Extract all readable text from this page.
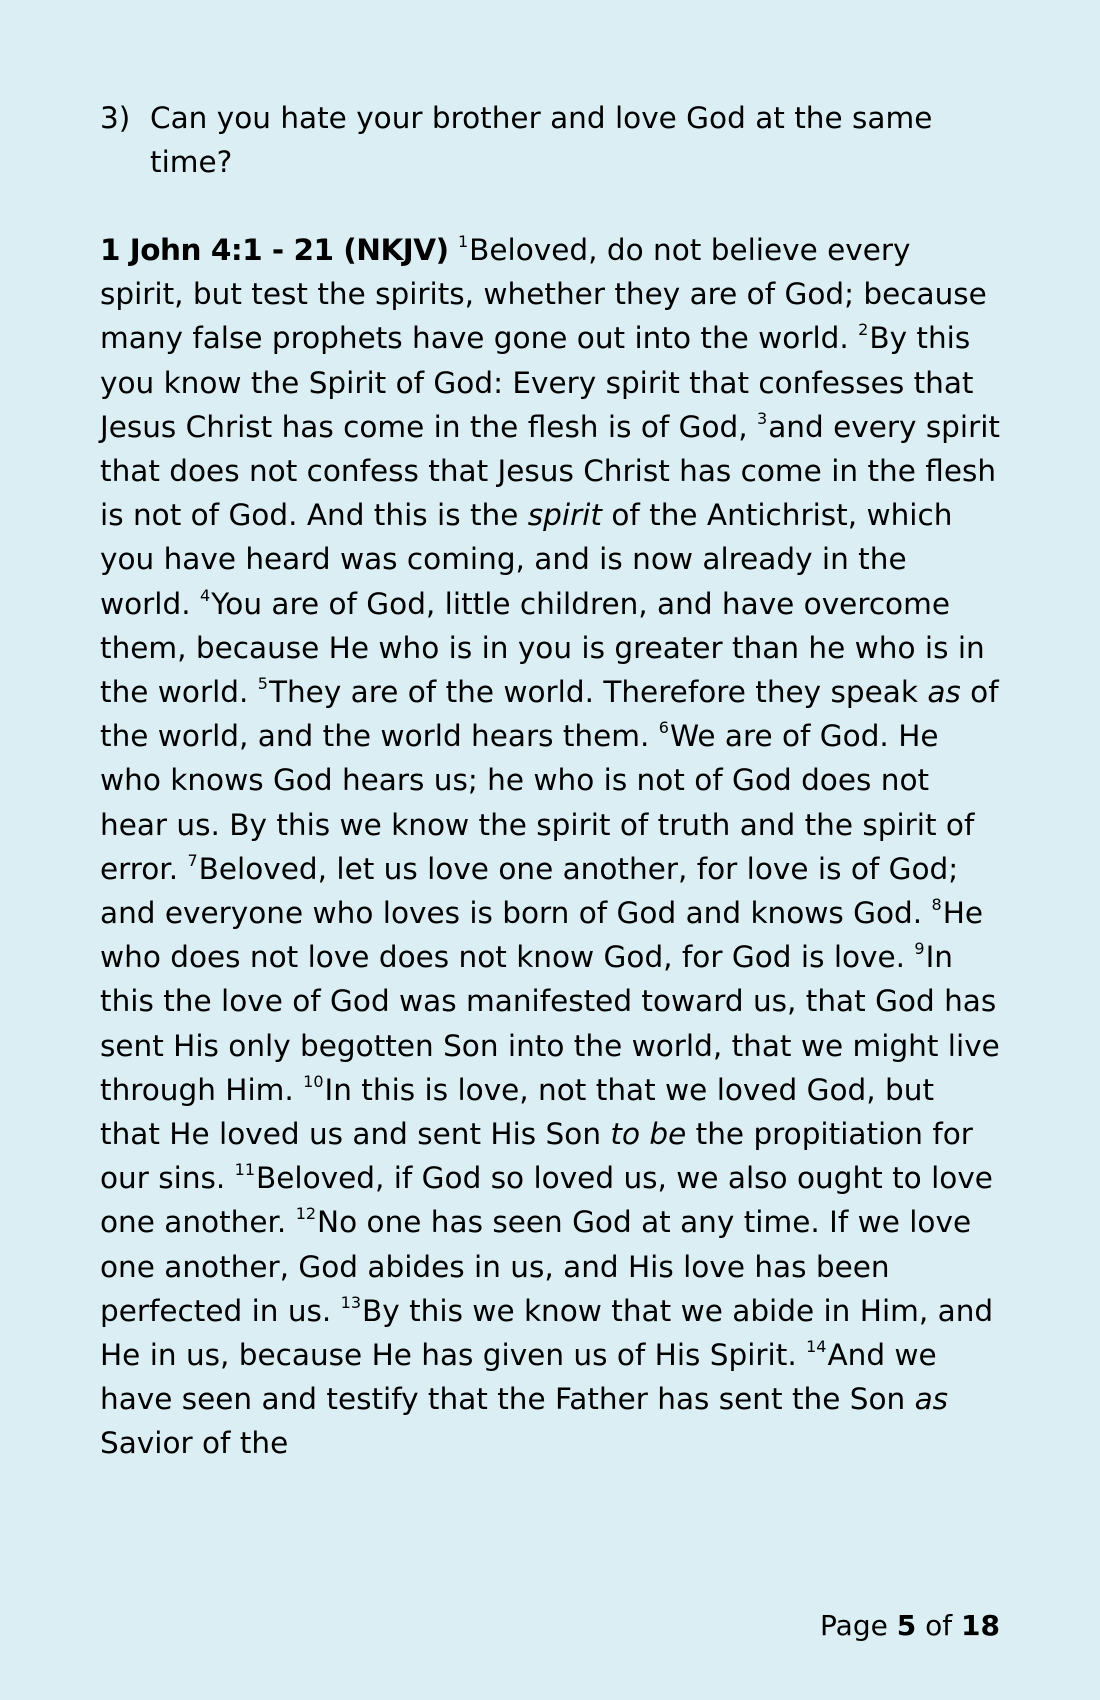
3) Can you hate your brother and love God at the same time?
1 John 4:1 - 21 (NKJV) $^1$Beloved, do not believe every spirit, but test the spirits, whether they are of God; because many false prophets have gone out into the world. $^2$By this you know the Spirit of God: Every spirit that confesses that Jesus Christ has come in the flesh is of God, $^3$and every spirit that does not confess that Jesus Christ has come in the flesh is not of God. And this is the spirit of the Antichrist, which you have heard was coming, and is now already in the world. $^4$You are of God, little children, and have overcome them, because He who is in you is greater than he who is in the world. $^5$They are of the world. Therefore they speak as of the world, and the world hears them. $^6$We are of God. He who knows God hears us; he who is not of God does not hear us. By this we know the spirit of truth and the spirit of error. $^7$Beloved, let us love one another, for love is of God; and everyone who loves is born of God and knows God. $^8$He who does not love does not know God, for God is love. $^9$In this the love of God was manifested toward us, that God has sent His only begotten Son into the world, that we might live through Him. $^{10}$In this is love, not that we loved God, but that He loved us and sent His Son to be the propitiation for our sins. $^{11}$Beloved, if God so loved us, we also ought to love one another. $^{12}$No one has seen God at any time. If we love one another, God abides in us, and His love has been perfected in us. $^{13}$By this we know that we abide in Him, and He in us, because He has given us of His Spirit. $^{14}$And we have seen and testify that the Father has sent the Son as Savior of the
Page 5 of 18
